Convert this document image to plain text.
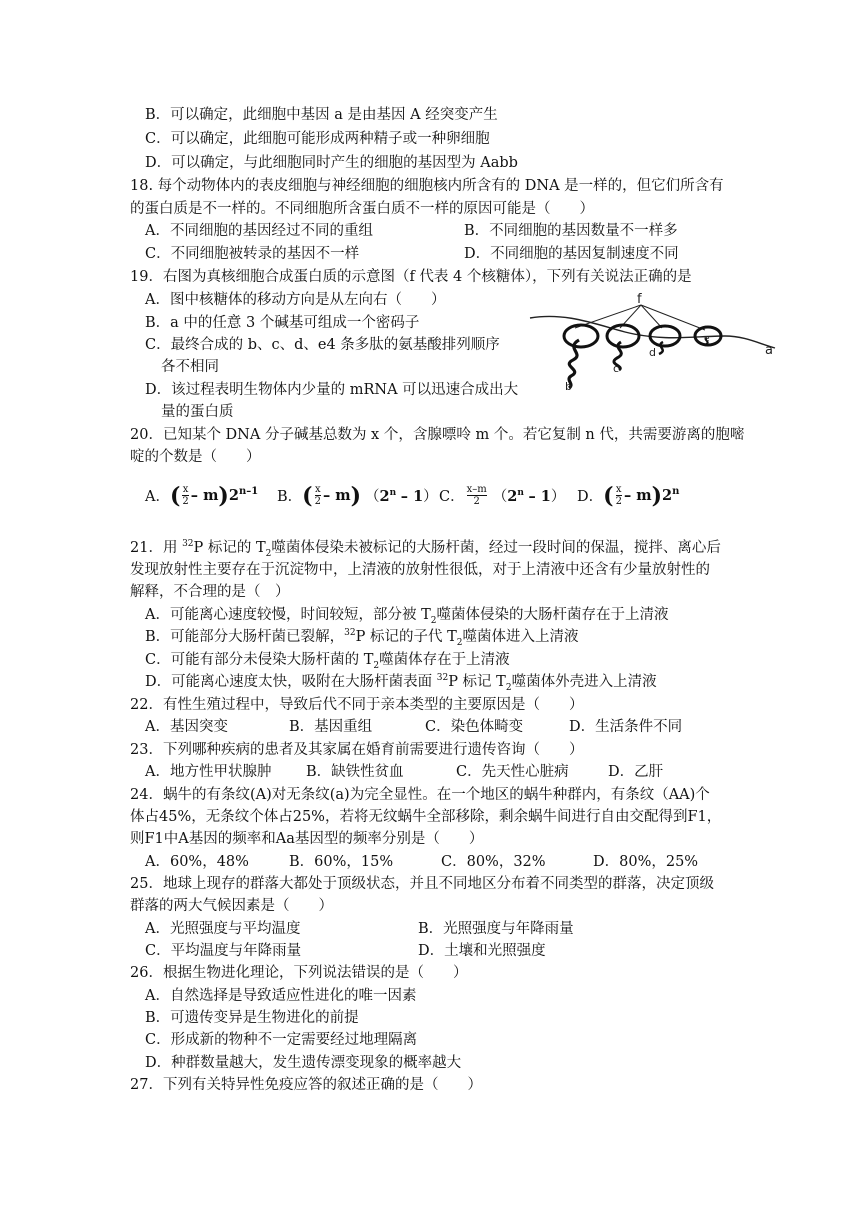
B．可以确定，此细胞中基因 a 是由基因 A 经突变产生
C．可以确定，此细胞可能形成两种精子或一种卵细胞
D．可以确定，与此细胞同时产生的细胞的基因型为 Aabb
18. 每个动物体内的表皮细胞与神经细胞的细胞核内所含有的 DNA 是一样的，但它们所含有
的蛋白质是不一样的。不同细胞所含蛋白质不一样的原因可能是（　　）
A．不同细胞的基因经过不同的重组	B．不同细胞的基因数量不一样多
C．不同细胞被转录的基因不一样	D．不同细胞的基因复制速度不同
19．右图为真核细胞合成蛋白质的示意图（f 代表 4 个核糖体），下列有关说法正确的是
A．图中核糖体的移动方向是从左向右（　　）
B．a 中的任意 3 个碱基可组成一个密码子
C．最终合成的 b、c、d、e4 条多肽的氨基酸排列顺序
各不相同
D．该过程表明生物体内少量的 mRNA 可以迅速合成出大
量的蛋白质
f
a
b
c
d
e
20．已知某个 DNA 分子碱基总数为 x 个，含腺嘌呤 m 个。若它复制 n 代，共需要游离的胞嘧
啶的个数是（　　）
A． ( $\frac{x}{2}$ – m ) 2$^{n-1}$ B． ( $\frac{x}{2}$ – m ) （2$^n$ – 1） C． $\frac{x-m}{2} (2^n - 1)$ D． ( $\frac{x}{2}$ – m ) 2$^n$
21．用 $^{32}$P 标记的 $T_2$噬菌体侵染未被标记的大肠杆菌，经过一段时间的保温，搅拌、离心后
发现放射性主要存在于沉淀物中，上清液的放射性很低，对于上清液中还含有少量放射性的
解释，不合理的是（　）
A．可能离心速度较慢，时间较短，部分被 $T_2$噬菌体侵染的大肠杆菌存在于上清液
B．可能部分大肠杆菌已裂解，$^{32}$P 标记的子代 $T_2$噬菌体进入上清液
C．可能有部分未侵染大肠杆菌的 $T_2$噬菌体存在于上清液
D．可能离心速度太快，吸附在大肠杆菌表面 $^{32}$P 标记 $T_2$噬菌体外壳进入上清液
22．有性生殖过程中，导致后代不同于亲本类型的主要原因是（　　）
A．基因突变	B．基因重组	C．染色体畸变	D．生活条件不同
23．下列哪种疾病的患者及其家属在婚育前需要进行遗传咨询（　　）
A．地方性甲状腺肿 B．缺铁性贫血	C．先天性心脏病	D．乙肝
24．蜗牛的有条纹(A)对无条纹(a)为完全显性。在一个地区的蜗牛种群内，有条纹（AA)个
体占45%，无条纹个体占25%，若将无纹蜗牛全部移除，剩余蜗牛间进行自由交配得到F1，
则F1中A基因的频率和Aa基因型的频率分别是（　　）
A．60%，48%	B．60%，15%	C．80%，32%	D．80%，25%
25．地球上现存的群落大都处于顶级状态，并且不同地区分布着不同类型的群落，决定顶级
群落的两大气候因素是（　　）
A．光照强度与平均温度	B．光照强度与年降雨量
C．平均温度与年降雨量	D．土壤和光照强度
26．根据生物进化理论，下列说法错误的是（　　）
A．自然选择是导致适应性进化的唯一因素
B．可遗传变异是生物进化的前提
C．形成新的物种不一定需要经过地理隔离
D．种群数量越大，发生遗传漂变现象的概率越大
27．下列有关特异性免疫应答的叙述正确的是（　　）
